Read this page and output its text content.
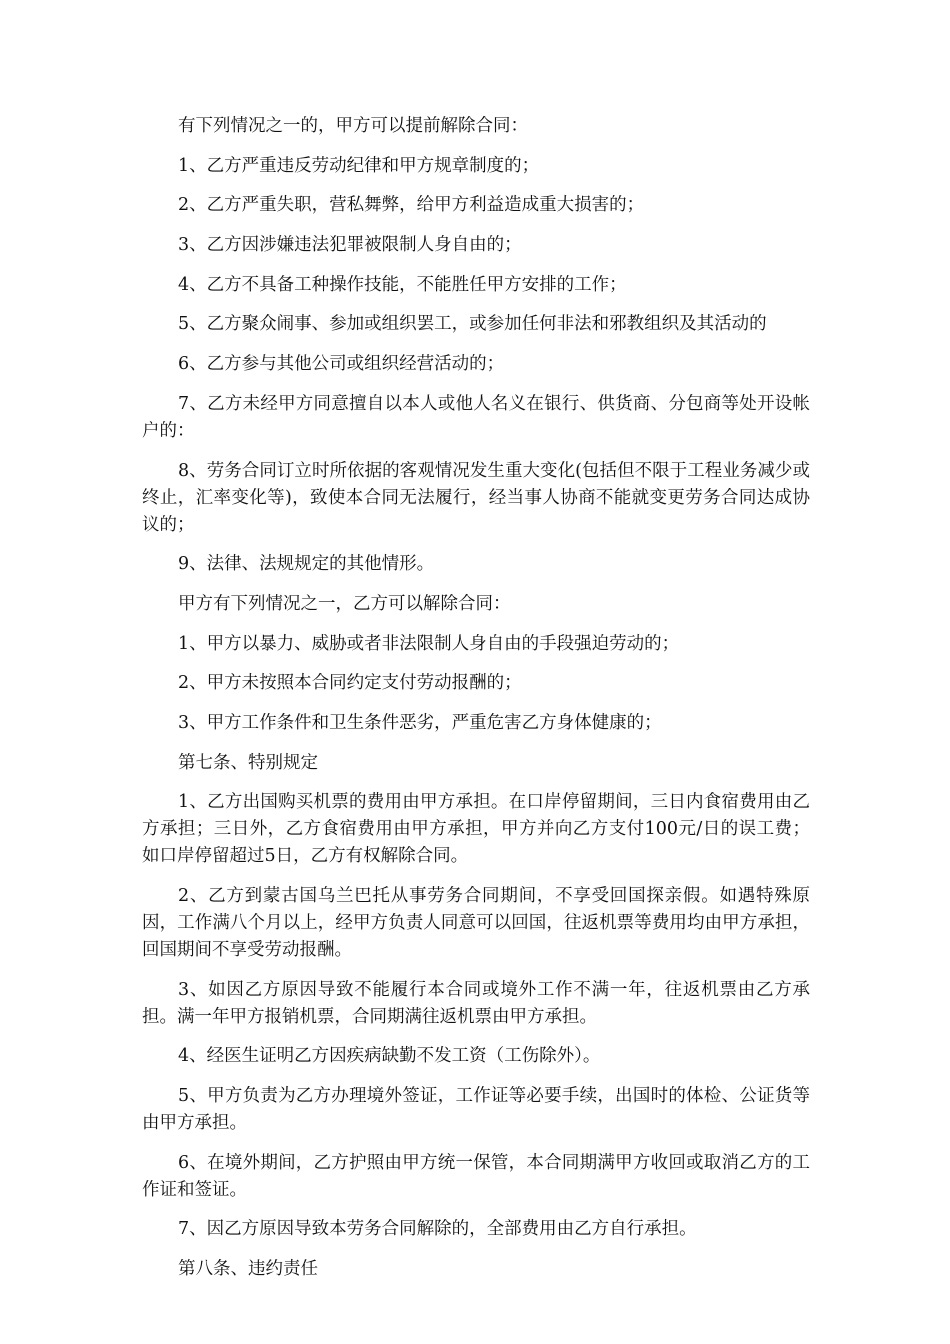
有下列情况之一的，甲方可以提前解除合同：

1、乙方严重违反劳动纪律和甲方规章制度的；

2、乙方严重失职，营私舞弊，给甲方利益造成重大损害的；

3、乙方因涉嫌违法犯罪被限制人身自由的；

4、乙方不具备工种操作技能，不能胜任甲方安排的工作；

5、乙方聚众闹事、参加或组织罢工，或参加任何非法和邪教组织及其活动的

6、乙方参与其他公司或组织经营活动的；

7、乙方未经甲方同意擅自以本人或他人名义在银行、供货商、分包商等处开设帐户的：

8、劳务合同订立时所依据的客观情况发生重大变化(包括但不限于工程业务减少或终止，汇率变化等)，致使本合同无法履行，经当事人协商不能就变更劳务合同达成协议的；

9、法律、法规规定的其他情形。

甲方有下列情况之一，乙方可以解除合同：

1、甲方以暴力、威胁或者非法限制人身自由的手段强迫劳动的；

2、甲方未按照本合同约定支付劳动报酬的；

3、甲方工作条件和卫生条件恶劣，严重危害乙方身体健康的；

第七条、特别规定

1、乙方出国购买机票的费用由甲方承担。在口岸停留期间，三日内食宿费用由乙方承担；三日外，乙方食宿费用由甲方承担，甲方并向乙方支付100元/日的误工费；如口岸停留超过5日，乙方有权解除合同。

2、乙方到蒙古国乌兰巴托从事劳务合同期间，不享受回国探亲假。如遇特殊原因，工作满八个月以上，经甲方负责人同意可以回国，往返机票等费用均由甲方承担，回国期间不享受劳动报酬。

3、如因乙方原因导致不能履行本合同或境外工作不满一年，往返机票由乙方承担。满一年甲方报销机票，合同期满往返机票由甲方承担。

4、经医生证明乙方因疾病缺勤不发工资（工伤除外）。

5、甲方负责为乙方办理境外签证，工作证等必要手续，出国时的体检、公证货等由甲方承担。

6、在境外期间，乙方护照由甲方统一保管，本合同期满甲方收回或取消乙方的工作证和签证。

7、因乙方原因导致本劳务合同解除的，全部费用由乙方自行承担。

第八条、违约责任
